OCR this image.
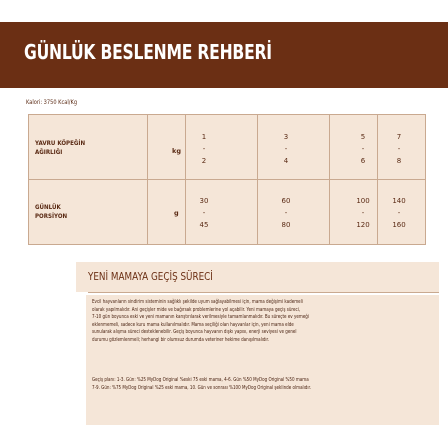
GÜNLÜK BESLENME REHBERİ
Kalori: 3750 Kcal/Kg
YAVRU KÖPEĞİN
AĞIRLIĞI	kg
1
-
2
3
-
4
5
-
6
7
-
8
GÜNLÜK
PORSİYON	g
30
-
45
60
-
80
100
-
120
140
-
160
YENİ MAMAYA GEÇİŞ SÜRECİ
Evcil hayvanların sindirim sisteminin sağlıklı şekilde uyum sağlayabilmesi için, mama değişimi kademeli
olarak yapılmalıdır. Ani geçişler mide ve bağırsak problemlerine yol açabilir. Yeni mamaya geçiş süreci,
7-10 gün boyunca eski ve yeni mamanın karıştırılarak verilmesiyle tamamlanmalıdır. Bu süreçte ev yemeği
eklenmemeli, sadece kuru mama kullanılmalıdır. Mama seçiliği olan hayvanlar için, yeni mama elde
sunularak alışma süreci desteklenebilir. Geçiş boyunca hayvanın dışkı yapısı, enerji seviyesi ve genel
durumu gözlemlenmeli; herhangi bir olumsuz durumda veteriner hekime danışılmalıdır.
Geçiş planı: 1-3. Gün: %25 MyDog Original %eski 75 eski mama, 4-6. Gün %50 MyDog Original %50 mama
7-9. Gün: %75 MyDog Original %25 eski mama, 10. Gün ve sonrası %100 MyDog Original şeklinde olmalıdır.
